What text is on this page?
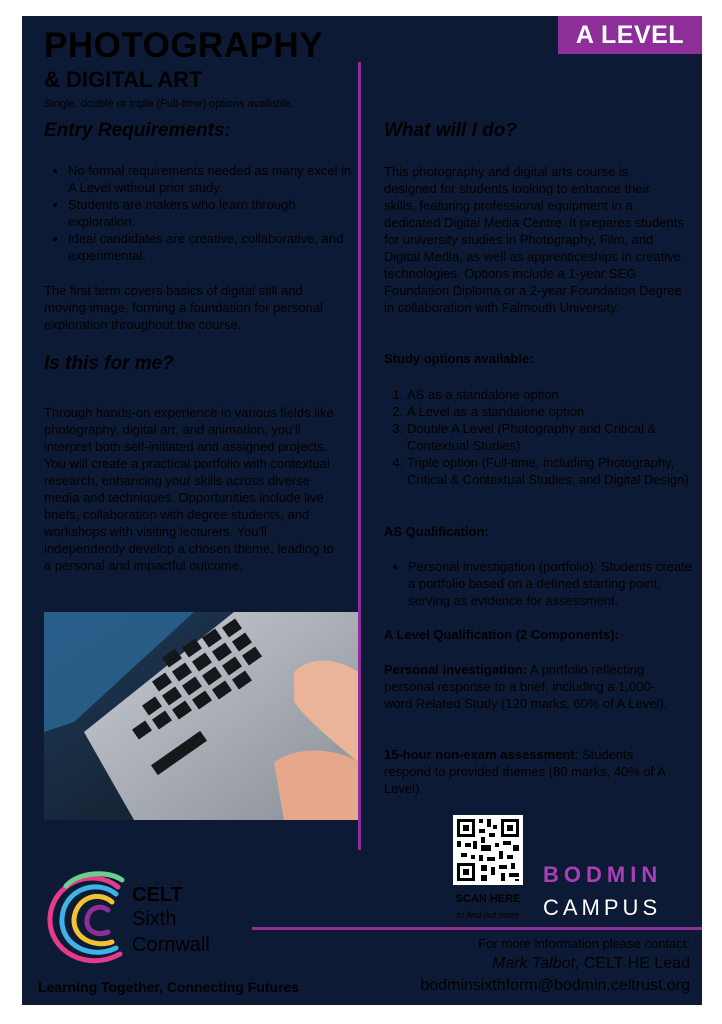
A LEVEL
PHOTOGRAPHY

& DIGITAL ART

Single, double or triple (Full-time) options available.

Entry Requirements:
• No formal requirements needed as many excel in A Level without prior study.
• Students are makers who learn through exploration.
• Ideal candidates are creative, collaborative, and experimental.

The first term covers basics of digital still and moving image, forming a foundation for personal exploration throughout the course.

Is this for me?

Through hands-on experience in various fields like photography, digital art, and animation, you'll interpret both self-initiated and assigned projects. You will create a practical portfolio with contextual research, enhancing your skills across diverse media and techniques. Opportunities include live briefs, collaboration with degree students, and workshops with visiting lecturers. You'll independently develop a chosen theme, leading to a personal and impactful outcome.

What will I do?

This photography and digital arts course is designed for students looking to enhance their skills, featuring professional equipment in a dedicated Digital Media Centre. It prepares students for university studies in Photography, Film, and Digital Media, as well as apprenticeships in creative technologies. Options include a 1-year SEG Foundation Diploma or a 2-year Foundation Degree in collaboration with Falmouth University.

Study options available:

1. AS as a standalone option
2. A Level as a standalone option
3. Double A Level (Photography and Critical & Contextual Studies)
4. Triple option (Full-time, including Photography, Critical & Contextual Studies, and Digital Design)

AS Qualification:

• Personal investigation (portfolio): Students create a portfolio based on a defined starting point, serving as evidence for assessment.

A Level Qualification (2 Components):

Personal investigation: A portfolio reflecting personal response to a brief, including a 1,000-word Related Study (120 marks, 60% of A Level).

15-hour non-exam assessment: Students respond to provided themes (80 marks, 40% of A Level).

SCAN HERE
to find out more
BODMIN
CAMPUS
For more information please contact:
Mark Talbot, CELT HE Lead
bodminsixthform@bodmin.celtrust.org
CELT
Sixth
Cornwall
Learning Together, Connecting Futures
